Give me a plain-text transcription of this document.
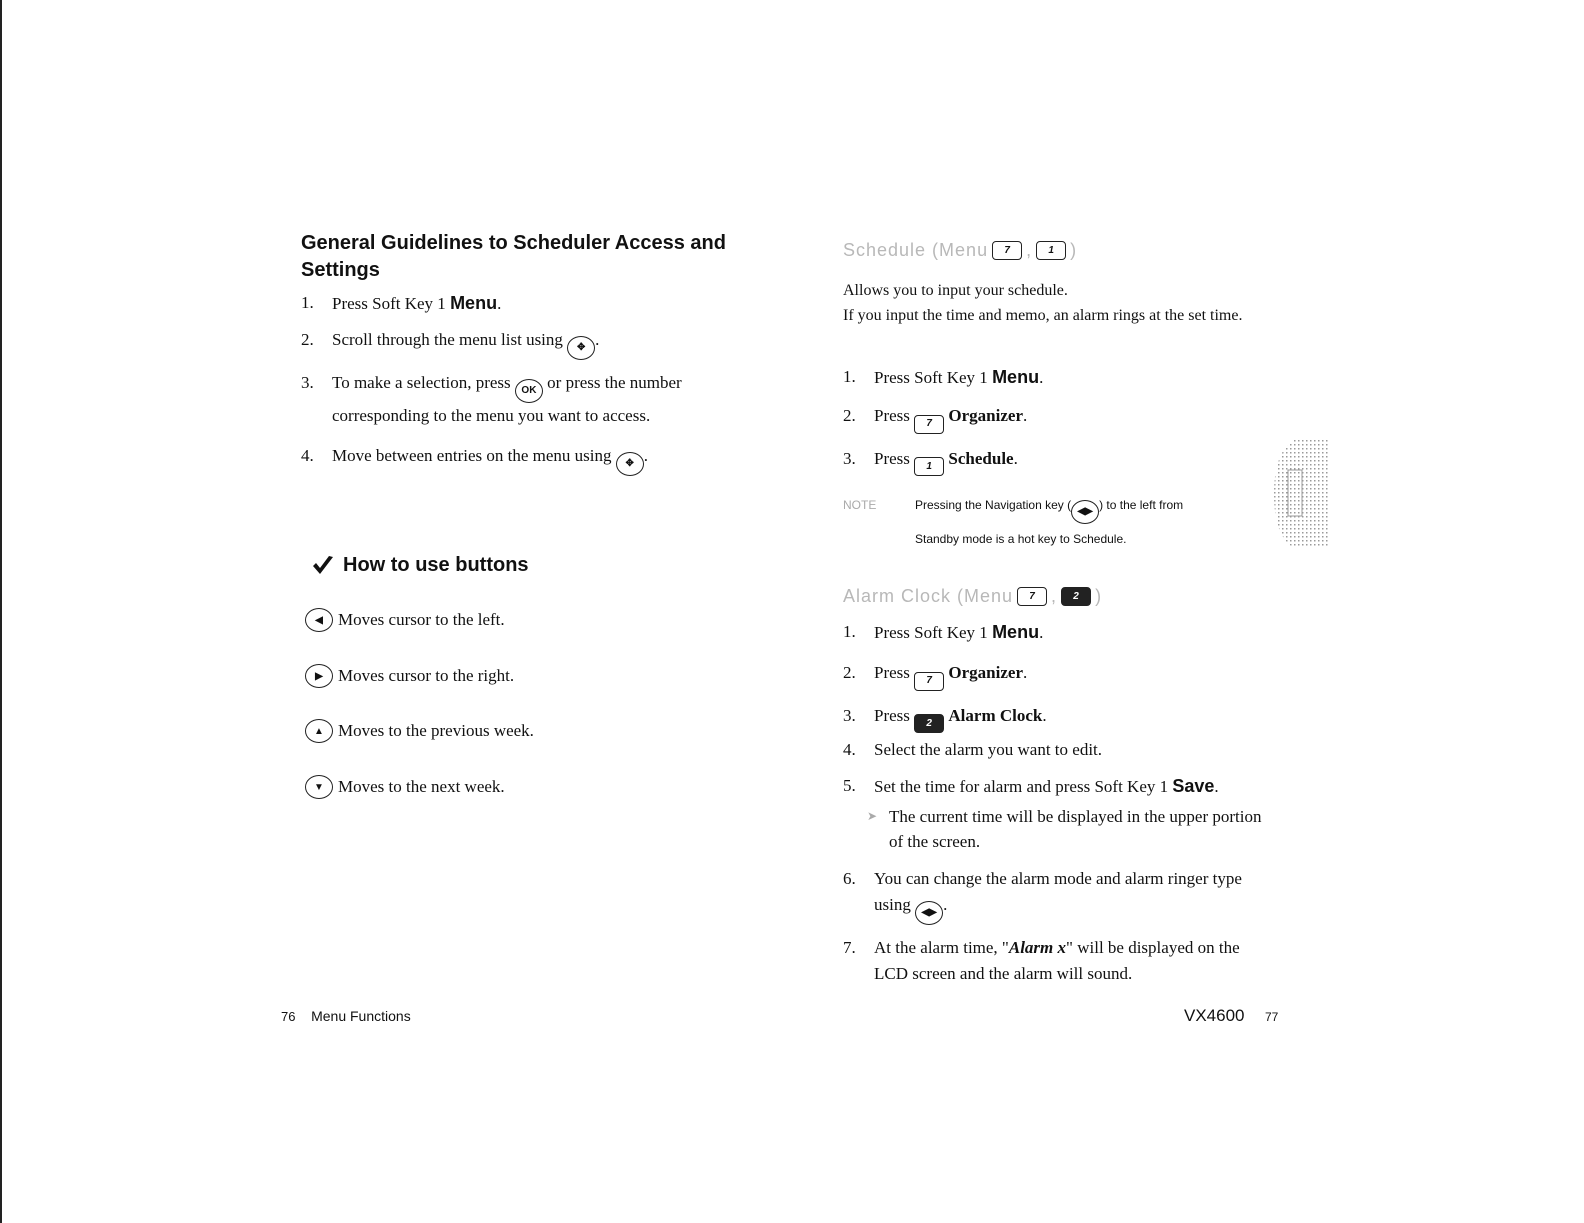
General Guidelines to Scheduler Access and Settings
1. Press Soft Key 1 Menu.
2. Scroll through the menu list using ✥ .
3. To make a selection, press OK or press the number corresponding to the menu you want to access.
4. Move between entries on the menu using ✥ .
How to use buttons
◀ Moves cursor to the left.
▶ Moves cursor to the right.
▲ Moves to the previous week.
▼ Moves to the next week.
Schedule (Menu	7 ,	1 )
Allows you to input your schedule.
If you input the time and memo, an alarm rings at the set time.
1. Press Soft Key 1 Menu.
2. Press 7 Organizer.
3. Press 1 Schedule.
NOTE	Pressing the Navigation key ( ◀▶ ) to the left from
Standby mode is a hot key to Schedule.
Alarm Clock (Menu	7 ,	2 )
1. Press Soft Key 1 Menu.
2. Press 7 Organizer.
3. Press 2 Alarm Clock.
4. Select the alarm you want to edit.
5. Set the time for alarm and press Soft Key 1 Save.
➤ The current time will be displayed in the upper portion of the screen.
6. You can change the alarm mode and alarm ringer type using ◀▶ .
7. At the alarm time, "Alarm x" will be displayed on the LCD screen and the alarm will sound.
76 Menu Functions	VX4600 77
